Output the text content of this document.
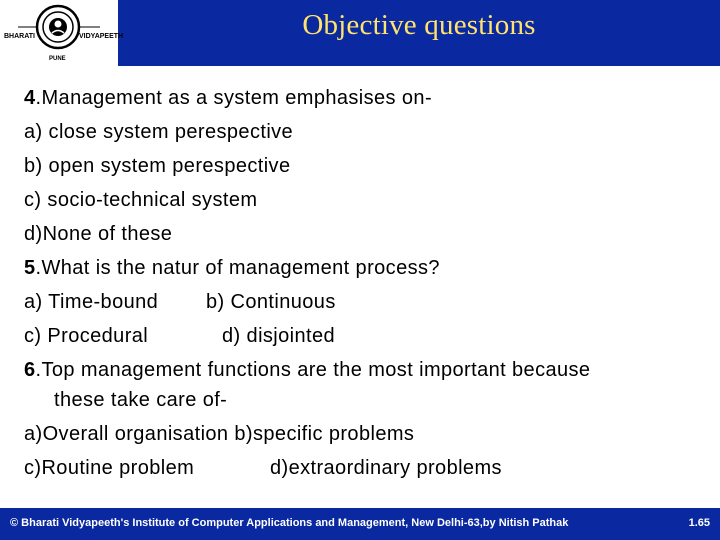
BHARATI	VIDYAPEETH
PUNE
Objective questions
4.Management as a system emphasises on-
a) close system perespective
b) open system perespective
c) socio-technical system
d)None of these
5.What is the natur of management process?
a) Time-bound b) Continuous
c) Procedural	d) disjointed
6.Top management functions are the most important because
these take care of-
a)Overall organisation b)specific problems
c)Routine problem	d)extraordinary problems
© Bharati Vidyapeeth's Institute of Computer Applications and Management, New Delhi-63,by Nitish Pathak	1.65
